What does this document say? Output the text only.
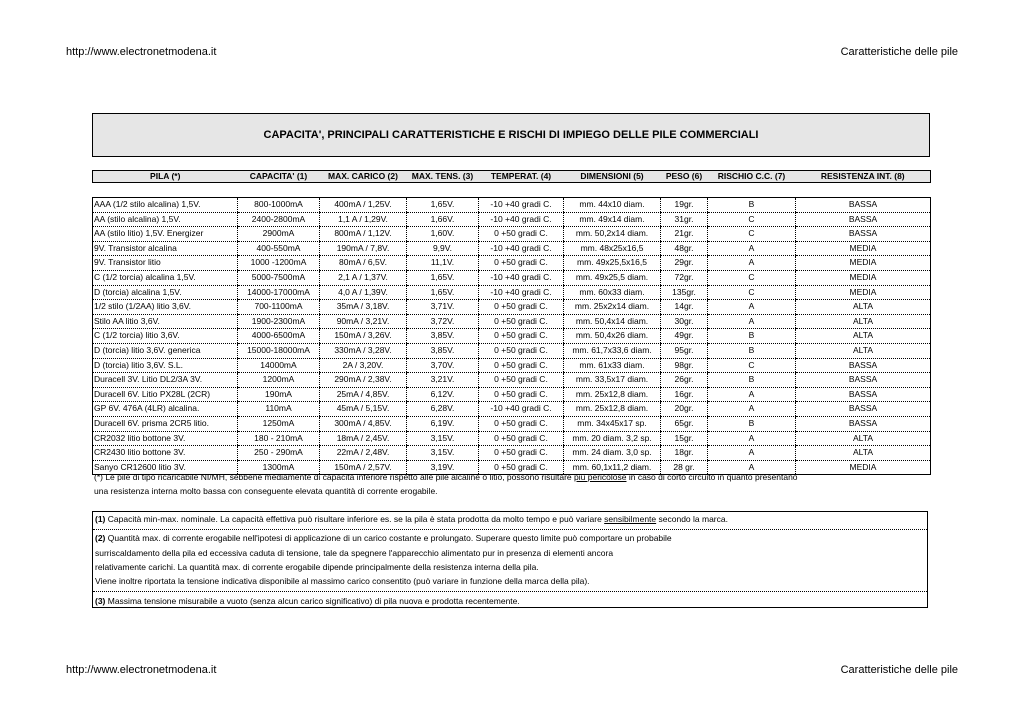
http://www.electronetmodena.it	Caratteristiche delle pile
CAPACITA', PRINCIPALI CARATTERISTICHE E RISCHI DI IMPIEGO DELLE PILE COMMERCIALI
PILA (*)	CAPACITA' (1)	MAX. CARICO (2)	MAX. TENS. (3)	TEMPERAT. (4)	DIMENSIONI (5)	PESO (6)	RISCHIO C.C. (7)	RESISTENZA INT. (8)
AAA (1/2 stilo alcalina) 1,5V.	800-1000mA	400mA / 1,25V.	1,65V.	-10 +40 gradi C.	mm. 44x10 diam.	19gr.	B	BASSA
AA (stilo alcalina) 1,5V.	2400-2800mA	1,1 A / 1,29V.	1,66V.	-10 +40 gradi C.	mm. 49x14 diam.	31gr.	C	BASSA
AA (stilo litio) 1,5V. Energizer	2900mA	800mA / 1,12V.	1,60V.	0 +50 gradi C.	mm. 50,2x14 diam.	21gr.	C	BASSA
9V. Transistor alcalina	400-550mA	190mA / 7,8V.	9,9V.	-10 +40 gradi C.	mm. 48x25x16,5	48gr.	A	MEDIA
9V. Transistor litio	1000 -1200mA	80mA / 6,5V.	11,1V.	0 +50 gradi C.	mm. 49x25,5x16,5	29gr.	A	MEDIA
C (1/2 torcia) alcalina 1,5V.	5000-7500mA	2,1 A / 1,37V.	1,65V.	-10 +40 gradi C.	mm. 49x25,5 diam.	72gr.	C	MEDIA
D (torcia) alcalina 1,5V.	14000-17000mA	4,0 A / 1,39V.	1,65V.	-10 +40 gradi C.	mm. 60x33 diam.	135gr.	C	MEDIA
1/2 stilo (1/2AA) litio 3,6V.	700-1100mA	35mA / 3,18V.	3,71V.	0 +50 gradi C.	mm. 25x2x14 diam.	14gr.	A	ALTA
Stilo AA litio 3,6V.	1900-2300mA	90mA / 3,21V.	3,72V.	0 +50 gradi C.	mm. 50,4x14 diam.	30gr.	A	ALTA
C (1/2 torcia) litio 3,6V.	4000-6500mA	150mA / 3,26V.	3,85V.	0 +50 gradi C.	mm. 50,4x26 diam.	49gr.	B	ALTA
D (torcia) litio 3,6V. generica	15000-18000mA	330mA / 3,28V.	3,85V.	0 +50 gradi C.	mm. 61,7x33,6 diam.	95gr.	B	ALTA
D (torcia) litio 3,6V. S.L.	14000mA	2A / 3,20V.	3,70V.	0 +50 gradi C.	mm. 61x33 diam.	98gr.	C	BASSA
Duracell 3V. Litio DL2/3A 3V.	1200mA	290mA / 2,38V.	3,21V.	0 +50 gradi C.	mm. 33,5x17 diam.	26gr.	B	BASSA
Duracell 6V. Litio PX28L (2CR)	190mA	25mA / 4,85V.	6,12V.	0 +50 gradi C.	mm. 25x12,8 diam.	16gr.	A	BASSA
GP 6V. 476A (4LR) alcalina.	110mA	45mA / 5,15V.	6,28V.	-10 +40 gradi C.	mm. 25x12,8 diam.	20gr.	A	BASSA
Duracell 6V. prisma 2CR5 litio.	1250mA	300mA / 4,85V.	6,19V.	0 +50 gradi C.	mm. 34x45x17 sp.	65gr.	B	BASSA
CR2032 litio bottone 3V.	180 - 210mA	18mA / 2,45V.	3,15V.	0 +50 gradi C.	mm. 20 diam. 3,2 sp.	15gr.	A	ALTA
CR2430 litio bottone 3V.	250 - 290mA	22mA / 2,48V.	3,15V.	0 +50 gradi C.	mm. 24 diam. 3,0 sp.	18gr.	A	ALTA
Sanyo CR12600 litio 3V.	1300mA	150mA / 2,57V.	3,19V.	0 +50 gradi C.	mm. 60,1x11,2 diam.	28 gr.	A	MEDIA
(*) Le pile di tipo ricaricabile NI/MH, sebbene mediamente di capacità inferiore rispetto alle pile alcaline o litio, possono risultare più pericolose in caso di corto circuito in quanto presentano
una resistenza interna molto bassa con conseguente elevata quantità di corrente erogabile.
(1) Capacità min-max. nominale. La capacità effettiva può risultare inferiore es. se la pila è stata prodotta da molto tempo e può variare sensibilmente secondo la marca.
(2) Quantità max. di corrente erogabile nell'ipotesi di applicazione di un carico costante e prolungato. Superare questo limite può comportare un probabile
surriscaldamento della pila ed eccessiva caduta di tensione, tale da spegnere l'apparecchio alimentato pur in presenza di elementi ancora
relativamente carichi. La quantità max. di corrente erogabile dipende principalmente della resistenza interna della pila.
Viene inoltre riportata la tensione indicativa disponibile al massimo carico consentito (può variare in funzione della marca della pila).
(3) Massima tensione misurabile a vuoto (senza alcun carico significativo) di pila nuova e prodotta recentemente.
http://www.electronetmodena.it	Caratteristiche delle pile
